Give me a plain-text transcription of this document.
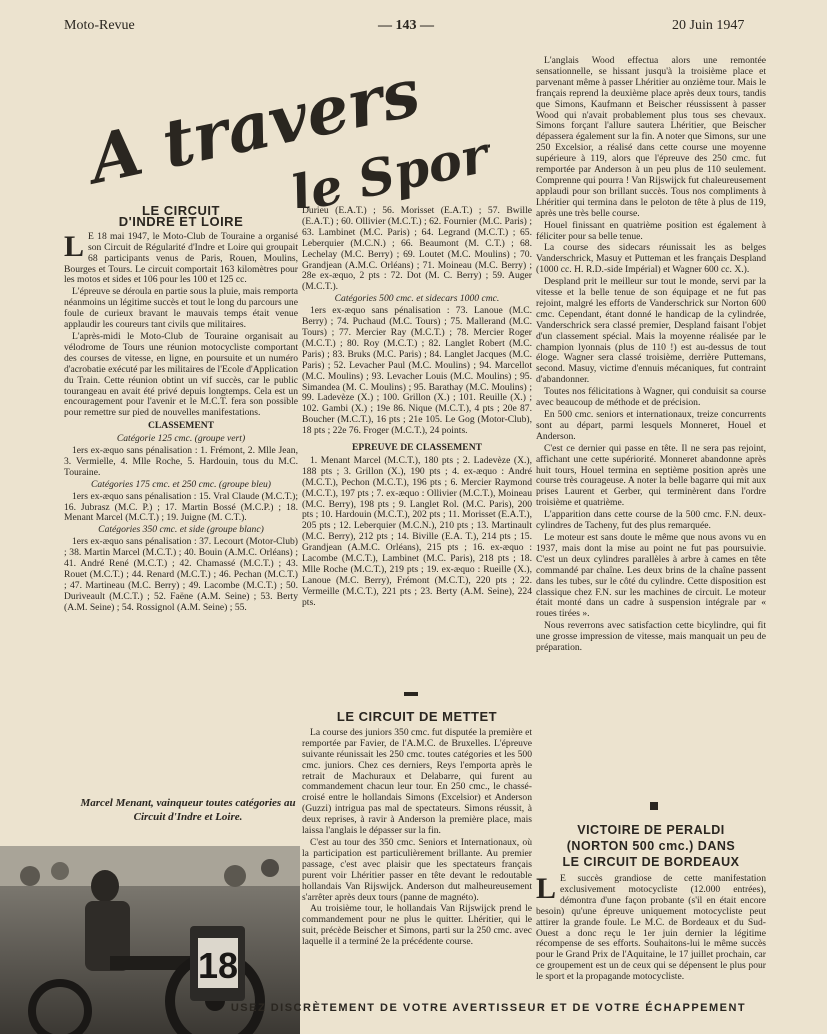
Moto-Revue	— 143 —	20 Juin 1947
A travers
le Sport
LE CIRCUIT
D'INDRE ET LOIRE

L E 18 mai 1947, le Moto-Club de Touraine a organisé son Circuit de Régularité d'Indre et Loire qui groupait 68 participants venus de Paris, Rouen, Moulins, Bourges et Tours. Le circuit comportait 163 kilomètres pour les motos et sides et 106 pour les 100 et 125 cc.

L'épreuve se déroula en partie sous la pluie, mais remporta néanmoins un légitime succès et tout le long du parcours une foule de curieux bravant le mauvais temps était venue applaudir les coureurs tant civils que militaires.

L'après-midi le Moto-Club de Touraine organisait au vélodrome de Tours une réunion motocycliste comportant des courses de vitesse, en ligne, en poursuite et un numéro d'acrobatie exécuté par les militaires de l'Ecole d'Application du Train. Cette réunion obtint un vif succès, car le public tourangeau en avait été privé depuis longtemps. Cela est un encouragement pour l'avenir et le M.C.T. fera son possible pour remettre sur pied de nouvelles manifestations.

CLASSEMENT
Catégorie 125 cmc. (groupe vert)

1ers ex-æquo sans pénalisation : 1. Frémont, 2. Mlle Jean, 3. Vermielle, 4. Mlle Roche, 5. Hardouin, tous du M.C. Touraine.

Catégories 175 cmc. et 250 cmc. (groupe bleu)

1ers ex-æquo sans pénalisation : 15. Vral Claude (M.C.T.); 16. Jubrasz (M.C. P.) ; 17. Martin Bossé (M.C.P.) ; 18. Menant Marcel (M.C.T.) ; 19. Juigne (M. C.T.).

Catégories 350 cmc. et side (groupe blanc)

1ers ex-æquo sans pénalisation : 37. Lecourt (Motor-Club) ; 38. Martin Marcel (M.C.T.) ; 40. Bouin (A.M.C. Orléans) ; 41. André René (M.C.T.) ; 42. Chamassé (M.C.T.) ; 43. Rouet (M.C.T.) ; 44. Renard (M.C.T.) ; 46. Pechan (M.C.T.) ; 47. Martineau (M.C. Berry) ; 49. Lacombe (M.C.T.) ; 50. Duriveault (M.C.T.) ; 52. Faëne (A.M. Seine) ; 53. Berty (A.M. Seine) ; 54. Rossignol (A.M. Seine) ; 55.

Marcel Menant, vainqueur toutes catégories au Circuit d'Indre et Loire.
18

Durieu (E.A.T.) ; 56. Morisset (E.A.T.) ; 57. Bwille (E.A.T.) ; 60. Ollivier (M.C.T.) ; 62. Fournier (M.C. Paris) ; 63. Lambinet (M.C. Paris) ; 64. Legrand (M.C.T.) ; 65. Leberquier (M.C.N.) ; 66. Beaumont (M. C.T.) ; 68. Lechelay (M.C. Berry) ; 69. Loutet (M.C. Moulins) ; 70. Grandjean (A.M.C. Orléans) ; 71. Moineau (M.C. Berry) ; 28e ex-æquo, 2 pts : 72. Dot (M. C. Berry) ; 59. Auger (M.C.T.).

Catégories 500 cmc. et sidecars 1000 cmc.

1ers ex-æquo sans pénalisation : 73. Lanoue (M.C. Berry) ; 74. Puchaud (M.C. Tours) ; 75. Mallerand (M.C. Tours) ; 77. Mercier Ray (M.C.T.) ; 78. Mercier Roger (M.C.T.) ; 80. Roy (M.C.T.) ; 82. Langlet Robert (M.C. Paris) ; 83. Bruks (M.C. Paris) ; 84. Langlet Jacques (M.C. Paris) ; 52. Levacher Paul (M.C. Moulins) ; 94. Marcellot (M.C. Moulins) ; 93. Levacher Louis (M.C. Moulins) ; 95. Simandea (M. C. Moulins) ; 95. Barathay (M.C. Moulins) ; 99. Ladevèze (X.) ; 100. Grillon (X.) ; 101. Reuille (X.) ; 102. Gambi (X.) ; 19e 86. Nique (M.C.T.), 4 pts ; 20e 87. Boucher (M.C.T.), 16 pts ; 21e 105. Le Gog (Motor-Club), 18 pts ; 22e 76. Froger (M.C.T.), 24 points.

EPREUVE DE CLASSEMENT

1. Menant Marcel (M.C.T.), 180 pts ; 2. Ladevèze (X.), 188 pts ; 3. Grillon (X.), 190 pts ; 4. ex-æquo : André (M.C.T.), Pechon (M.C.T.), 196 pts ; 6. Mercier Raymond (M.C.T.), 197 pts ; 7. ex-æquo : Ollivier (M.C.T.), Moineau (M.C. Berry), 198 pts ; 9. Langlet Rol. (M.C. Paris), 200 pts ; 10. Hardouin (M.C.T.), 202 pts ; 11. Morisset (E.A.T.), 205 pts ; 12. Leberquier (M.C.N.), 210 pts ; 13. Martinault (M.C. Berry), 212 pts ; 14. Biville (E.A. T.), 214 pts ; 15. Grandjean (A.M.C. Orléans), 215 pts ; 16. ex-æquo : Lacombe (M.C.T.), Lambinet (M.C. Paris), 218 pts ; 18. Mlle Roche (M.C.T.), 219 pts ; 19. ex-æquo : Rueille (X.), Lanoue (M.C. Berry), Frémont (M.C.T.), 220 pts ; 22. Vermeille (M.C.T.), 221 pts ; 23. Berty (A.M. Seine), 224 pts.

LE CIRCUIT DE METTET

La course des juniors 350 cmc. fut disputée la première et remportée par Favier, de l'A.M.C. de Bruxelles. L'épreuve suivante réunissait les 250 cmc. toutes catégories et les 500 cmc. juniors. Chez ces derniers, Reys l'emporta après le retrait de Machuraux et Delabarre, qui furent au commandement chacun leur tour. En 250 cmc., le chassé-croisé entre le hollandais Simons (Excelsior) et Anderson (Guzzi) intrigua pas mal de spectateurs. Simons réussit, à deux reprises, à ravir à Anderson la première place, mais laissa l'anglais le dépasser sur la fin.

C'est au tour des 350 cmc. Seniors et Internationaux, où la participation est particulièrement brillante. Au premier passage, c'est avec plaisir que les spectateurs français purent voir Lhéritier passer en tête devant le redoutable hollandais Van Rijswijck. Anderson dut malheureusement s'arrêter après deux tours (panne de magnéto).

Au troisième tour, le hollandais Van Rijswijck prend le commandement pour ne plus le quitter. Lhéritier, qui le suit, précède Beischer et Simons, parti sur la 250 cmc. avec laquelle il a terminé 2e la précédente course.

L'anglais Wood effectua alors une remontée sensationnelle, se hissant jusqu'à la troisième place et parvenant même à passer Lhéritier au onzième tour. Mais le français reprend la deuxième place après deux tours, tandis que Simons, Kaufmann et Beischer réussissent à passer Wood qui n'avait probablement plus tous ses chevaux. Simons forçant l'allure sautera Lhéritier, que Beischer dépassera également sur la fin. A noter que Simons, sur une 250 Excelsior, a réalisé dans cette course une moyenne supérieure à 119, alors que l'épreuve des 250 cmc. fut remportée par Anderson à un peu plus de 110 seulement. Comprenne qui pourra ! Van Rijswijck fut chaleureusement applaudi pour son brillant succès. Tous nos compliments à Lhéritier qui termina dans le peloton de tête à plus de 119, après une très belle course.

Houel finissant en quatrième position est également à féliciter pour sa belle tenue.

La course des sidecars réunissait les as belges Vanderschrick, Masuy et Putteman et les français Despland (1000 cc. H. R.D.-side Impérial) et Wagner 600 cc. X.).

Despland prit le meilleur sur tout le monde, servi par la vitesse et la belle tenue de son équipage et ne fut pas rejoint, malgré les efforts de Vanderschrick sur Norton 600 cmc. Cependant, étant donné le handicap de la cylindrée, Vanderschrick sera classé premier, Despland faisant l'objet d'un classement spécial. Mais la moyenne réalisée par le champion lyonnais (plus de 110 !) est au-dessus de tout éloge. Wagner sera classé troisième, derrière Puttemans, second. Masuy, victime d'ennuis mécaniques, fut contraint d'abandonner.

Toutes nos félicitations à Wagner, qui conduisit sa course avec beaucoup de méthode et de précision.

En 500 cmc. seniors et internationaux, treize concurrents sont au départ, parmi lesquels Monneret, Houel et Anderson.

C'est ce dernier qui passe en tête. Il ne sera pas rejoint, affichant une cette supériorité. Monneret abandonne après huit tours, Houel termina en septième position après une course très courageuse. A noter la belle bagarre qui mit aux prises Laurent et Gerber, qui terminèrent dans l'ordre troisième et quatrième.

L'apparition dans cette course de la 500 cmc. F.N. deux-cylindres de Tacheny, fut des plus remarquée.

Le moteur est sans doute le même que nous avons vu en 1937, mais dont la mise au point ne fut pas poursuivie. C'est un deux cylindres parallèles à arbre à cames en tête commandé par chaîne. Les deux brins de la chaîne passent dans les tubes, sur le côté du cylindre. Cette disposition est classique chez F.N. sur les machines de circuit. Le moteur était monté dans un cadre à suspension intégrale par « roues tirées ».

Nous reverrons avec satisfaction cette bicylindre, qui fit une grosse impression de vitesse, mais manquait un peu de préparation.

VICTOIRE DE PERALDI
(NORTON 500 cmc.) DANS
LE CIRCUIT DE BORDEAUX

L E succès grandiose de cette manifestation exclusivement motocycliste (12.000 entrées), démontra d'une façon probante (s'il en était encore besoin) qu'une épreuve uniquement motocycliste peut attirer la grande foule. Le M.C. de Bordeaux et du Sud-Ouest a donc reçu le 1er juin dernier la légitime récompense de ses efforts. Souhaitons-lui le même succès pour le Grand Prix de l'Aquitaine, le 17 juillet prochain, car ce groupement est un de ceux qui se dépensent le plus pour le sport et la propagande motocycliste.

USEZ DISCRÈTEMENT DE VOTRE AVERTISSEUR ET DE VOTRE ÉCHAPPEMENT
